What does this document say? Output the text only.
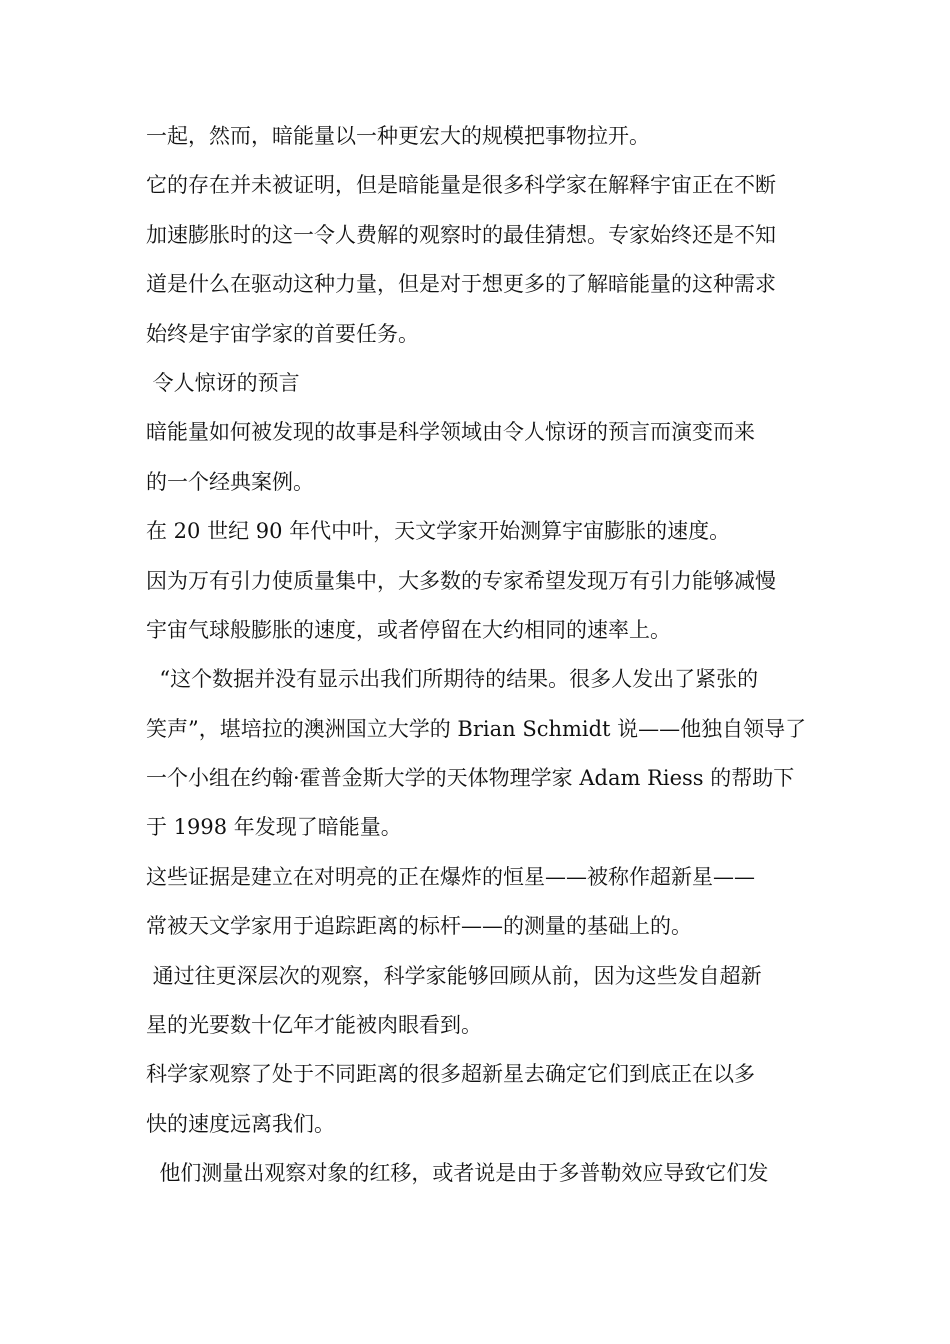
一起，然而，暗能量以一种更宏大的规模把事物拉开。
它的存在并未被证明，但是暗能量是很多科学家在解释宇宙正在不断
加速膨胀时的这一令人费解的观察时的最佳猜想。专家始终还是不知
道是什么在驱动这种力量，但是对于想更多的了解暗能量的这种需求
始终是宇宙学家的首要任务。
令人惊讶的预言
暗能量如何被发现的故事是科学领域由令人惊讶的预言而演变而来
的一个经典案例。
在 20 世纪 90 年代中叶，天文学家开始测算宇宙膨胀的速度。
因为万有引力使质量集中，大多数的专家希望发现万有引力能够减慢
宇宙气球般膨胀的速度，或者停留在大约相同的速率上。
“这个数据并没有显示出我们所期待的结果。很多人发出了紧张的
笑声”，堪培拉的澳洲国立大学的 Brian Schmidt 说——他独自领导了
一个小组在约翰·霍普金斯大学的天体物理学家 Adam Riess 的帮助下
于 1998 年发现了暗能量。
这些证据是建立在对明亮的正在爆炸的恒星——被称作超新星——
常被天文学家用于追踪距离的标杆——的测量的基础上的。
通过往更深层次的观察，科学家能够回顾从前，因为这些发自超新
星的光要数十亿年才能被肉眼看到。
科学家观察了处于不同距离的很多超新星去确定它们到底正在以多
快的速度远离我们。
他们测量出观察对象的红移，或者说是由于多普勒效应导致它们发
